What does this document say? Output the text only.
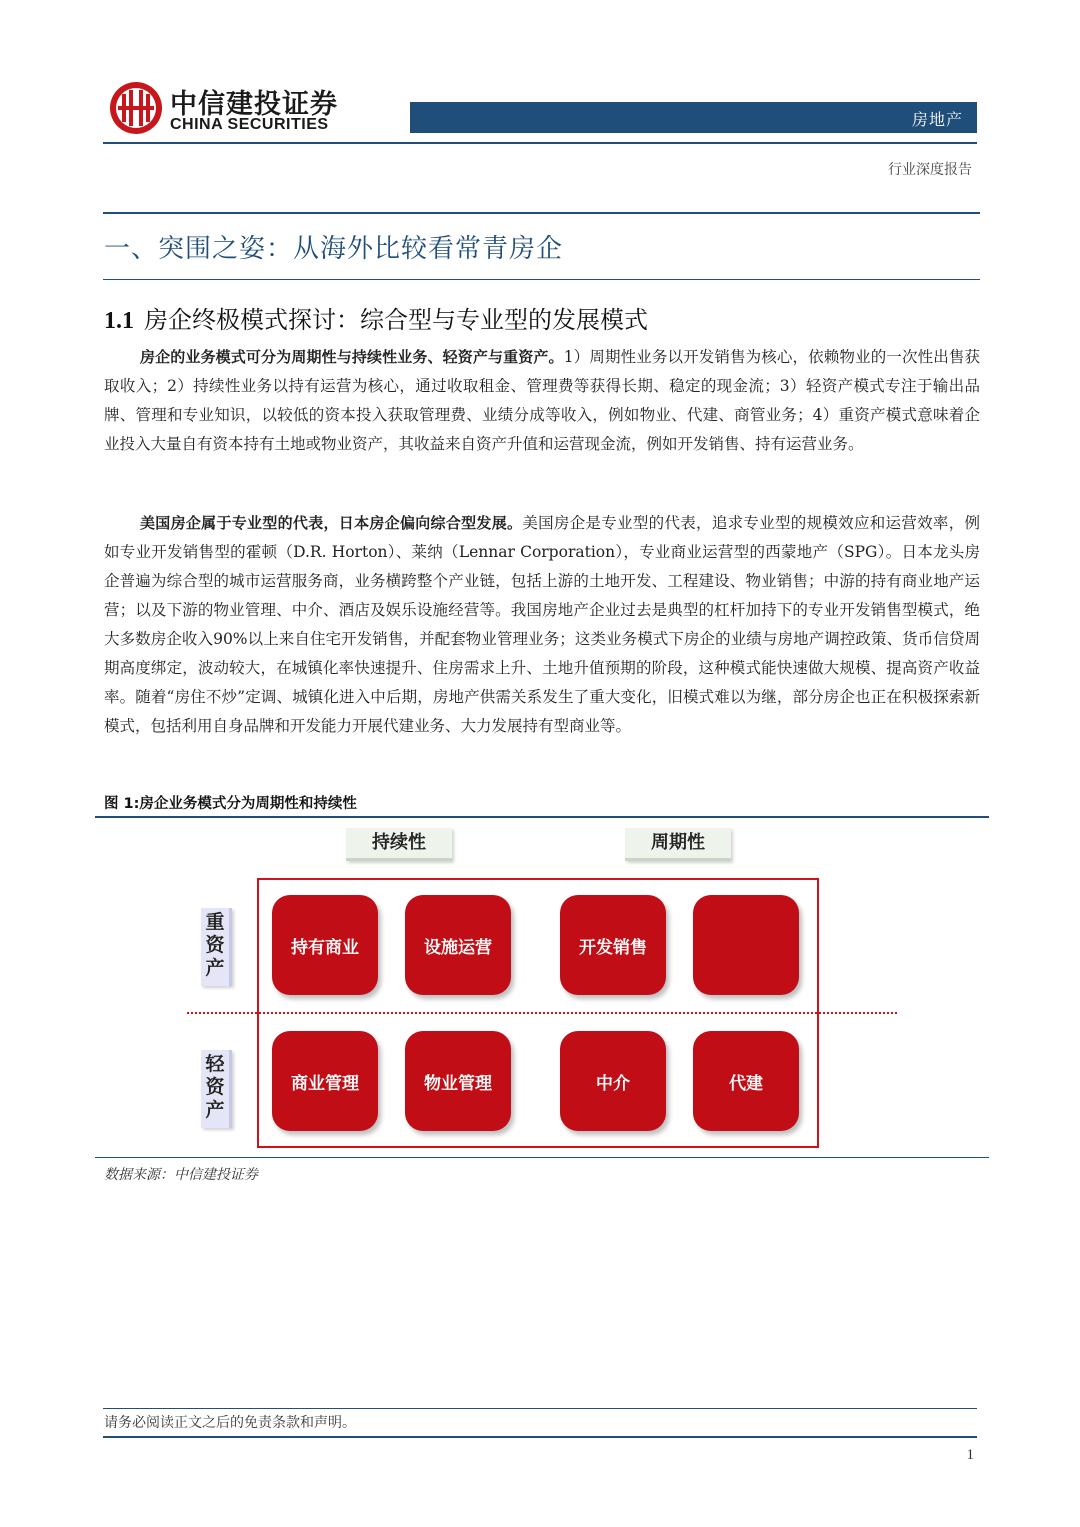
中信建投证券
CHINA SECURITIES	房地产
行业深度报告
一、突围之姿：从海外比较看常青房企
1.1 房企终极模式探讨：综合型与专业型的发展模式

房企的业务模式可分为周期性与持续性业务、轻资产与重资产。1）周期性业务以开发销售为核心，依赖物业的一次性出售获取收入；2）持续性业务以持有运营为核心，通过收取租金、管理费等获得长期、稳定的现金流；3）轻资产模式专注于输出品牌、管理和专业知识，以较低的资本投入获取管理费、业绩分成等收入，例如物业、代建、商管业务；4）重资产模式意味着企业投入大量自有资本持有土地或物业资产，其收益来自资产升值和运营现金流，例如开发销售、持有运营业务。

美国房企属于专业型的代表，日本房企偏向综合型发展。美国房企是专业型的代表，追求专业型的规模效应和运营效率，例如专业开发销售型的霍顿（D.R. Horton）、莱纳（Lennar Corporation），专业商业运营型的西蒙地产（SPG）。日本龙头房企普遍为综合型的城市运营服务商，业务横跨整个产业链，包括上游的土地开发、工程建设、物业销售；中游的持有商业地产运营；以及下游的物业管理、中介、酒店及娱乐设施经营等。我国房地产企业过去是典型的杠杆加持下的专业开发销售型模式，绝大多数房企收入90%以上来自住宅开发销售，并配套物业管理业务；这类业务模式下房企的业绩与房地产调控政策、货币信贷周期高度绑定，波动较大，在城镇化率快速提升、住房需求上升、土地升值预期的阶段，这种模式能快速做大规模、提高资产收益率。随着“房住不炒”定调、城镇化进入中后期，房地产供需关系发生了重大变化，旧模式难以为继，部分房企也正在积极探索新模式，包括利用自身品牌和开发能力开展代建业务、大力发展持有型商业等。

图 1:房企业务模式分为周期性和持续性
持续性	周期性
重资产
轻资产
持有商业	设施运营	开发销售
商业管理	物业管理	中介	代建
数据来源：中信建投证券
请务必阅读正文之后的免责条款和声明。
1
